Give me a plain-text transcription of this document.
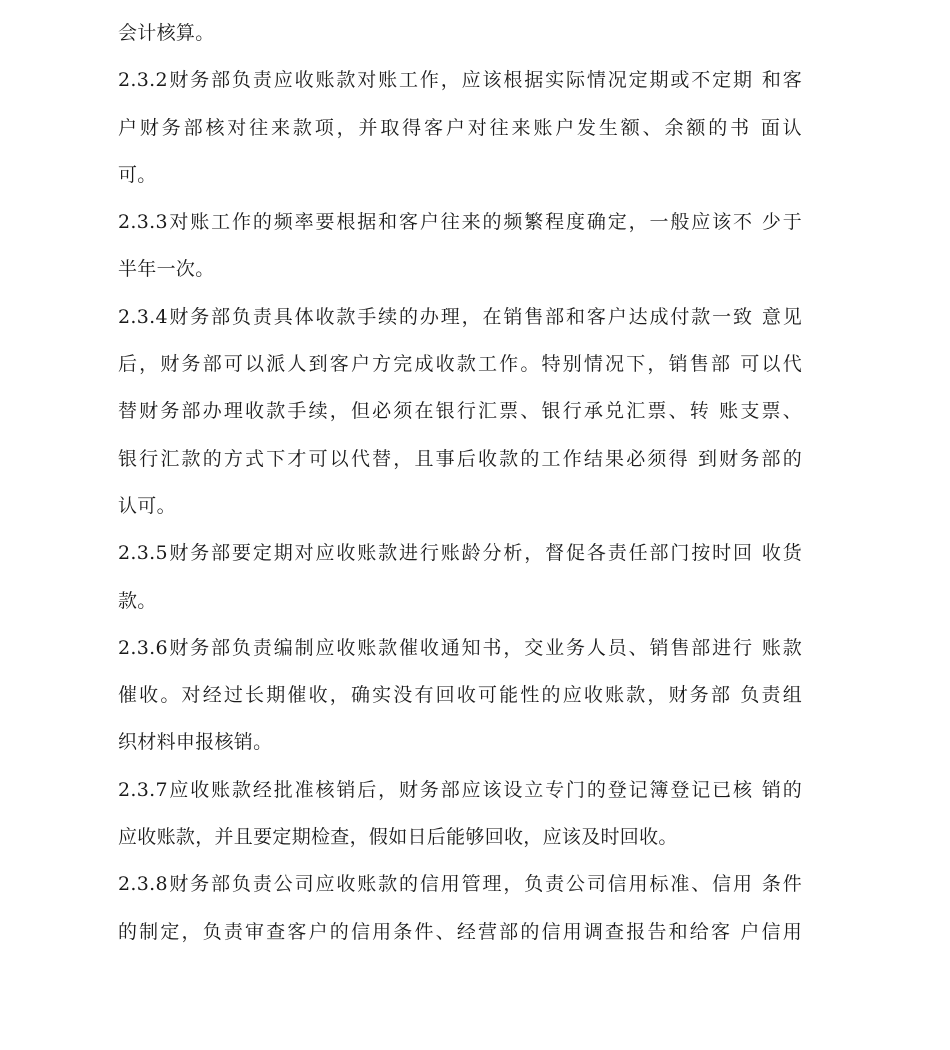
会计核算。
2.3.2财务部负责应收账款对账工作，应该根据实际情况定期或不定期 和客
户财务部核对往来款项，并取得客户对往来账户发生额、余额的书 面认
可。
2.3.3对账工作的频率要根据和客户往来的频繁程度确定，一般应该不 少于
半年一次。
2.3.4财务部负责具体收款手续的办理，在销售部和客户达成付款一致 意见
后，财务部可以派人到客户方完成收款工作。特别情况下，销售部 可以代
替财务部办理收款手续，但必须在银行汇票、银行承兑汇票、转 账支票、
银行汇款的方式下才可以代替，且事后收款的工作结果必须得 到财务部的
认可。
2.3.5财务部要定期对应收账款进行账龄分析，督促各责任部门按时回 收货
款。
2.3.6财务部负责编制应收账款催收通知书，交业务人员、销售部进行 账款
催收。对经过长期催收，确实没有回收可能性的应收账款，财务部 负责组
织材料申报核销。
2.3.7应收账款经批准核销后，财务部应该设立专门的登记簿登记已核 销的
应收账款，并且要定期检查，假如日后能够回收，应该及时回收。
2.3.8财务部负责公司应收账款的信用管理，负责公司信用标准、信用 条件
的制定，负责审查客户的信用条件、经营部的信用调查报告和给客 户信用
